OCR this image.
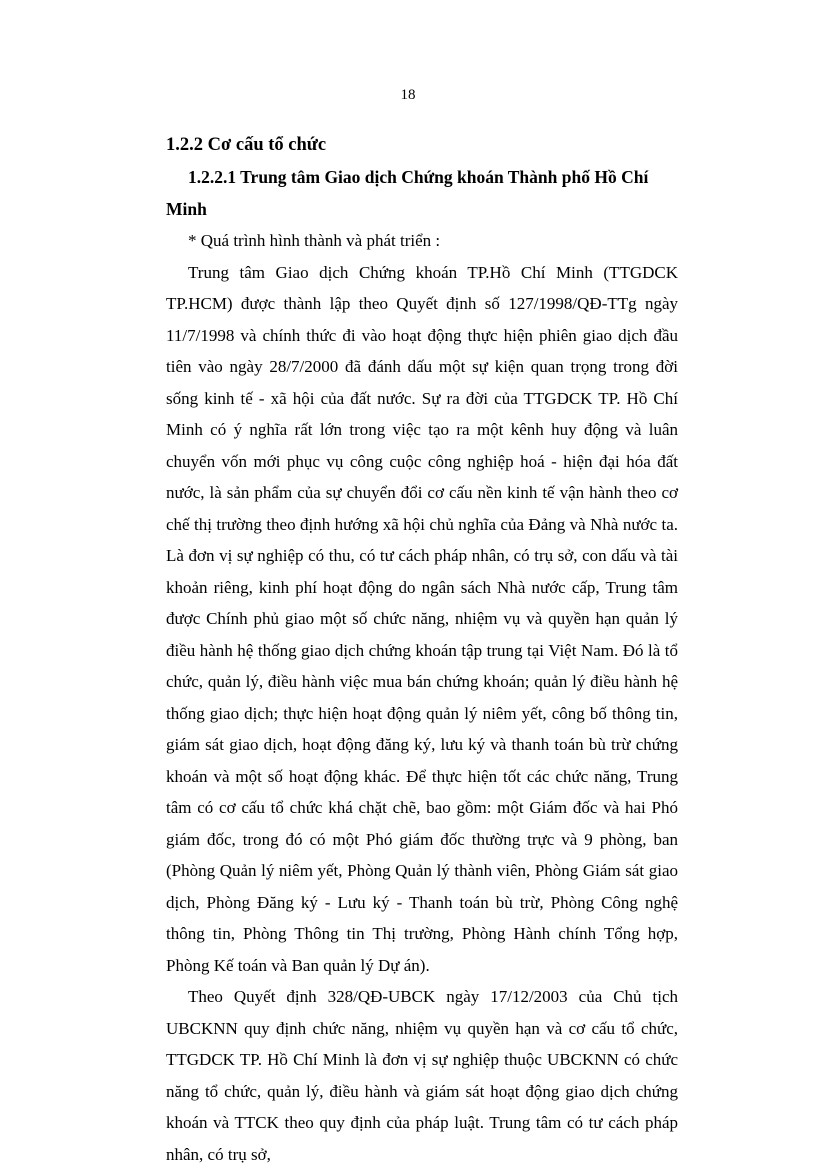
18
1.2.2 Cơ cấu tổ chức
1.2.2.1 Trung tâm Giao dịch Chứng khoán Thành phố Hồ Chí Minh
* Quá trình hình thành và phát triển :

Trung tâm Giao dịch Chứng khoán TP.Hồ Chí Minh (TTGDCK TP.HCM) được thành lập theo Quyết định số 127/1998/QĐ-TTg ngày 11/7/1998 và chính thức đi vào hoạt động thực hiện phiên giao dịch đầu tiên vào ngày 28/7/2000 đã đánh dấu một sự kiện quan trọng trong đời sống kinh tế - xã hội của đất nước. Sự ra đời của TTGDCK TP. Hồ Chí Minh có ý nghĩa rất lớn trong việc tạo ra một kênh huy động và luân chuyển vốn mới phục vụ công cuộc công nghiệp hoá - hiện đại hóa đất nước, là sản phẩm của sự chuyển đổi cơ cấu nền kinh tế vận hành theo cơ chế thị trường theo định hướng xã hội chủ nghĩa của Đảng và Nhà nước ta. Là đơn vị sự nghiệp có thu, có tư cách pháp nhân, có trụ sở, con dấu và tài khoản riêng, kinh phí hoạt động do ngân sách Nhà nước cấp, Trung tâm được Chính phủ giao một số chức năng, nhiệm vụ và quyền hạn quản lý điều hành hệ thống giao dịch chứng khoán tập trung tại Việt Nam. Đó là tổ chức, quản lý, điều hành việc mua bán chứng khoán; quản lý điều hành hệ thống giao dịch; thực hiện hoạt động quản lý niêm yết, công bố thông tin, giám sát giao dịch, hoạt động đăng ký, lưu ký và thanh toán bù trừ chứng khoán và một số hoạt động khác. Để thực hiện tốt các chức năng, Trung tâm có cơ cấu tổ chức khá chặt chẽ, bao gồm: một Giám đốc và hai Phó giám đốc, trong đó có một Phó giám đốc thường trực và 9 phòng, ban (Phòng Quản lý niêm yết, Phòng Quản lý thành viên, Phòng Giám sát giao dịch, Phòng Đăng ký - Lưu ký - Thanh toán bù trừ, Phòng Công nghệ thông tin, Phòng Thông tin Thị trường, Phòng Hành chính Tổng hợp, Phòng Kế toán và Ban quản lý Dự án).

Theo Quyết định 328/QĐ-UBCK ngày 17/12/2003 của Chủ tịch UBCKNN quy định chức năng, nhiệm vụ quyền hạn và cơ cấu tổ chức, TTGDCK TP. Hồ Chí Minh là đơn vị sự nghiệp thuộc UBCKNN có chức năng tổ chức, quản lý, điều hành và giám sát hoạt động giao dịch chứng khoán và TTCK theo quy định của pháp luật. Trung tâm có tư cách pháp nhân, có trụ sở,
